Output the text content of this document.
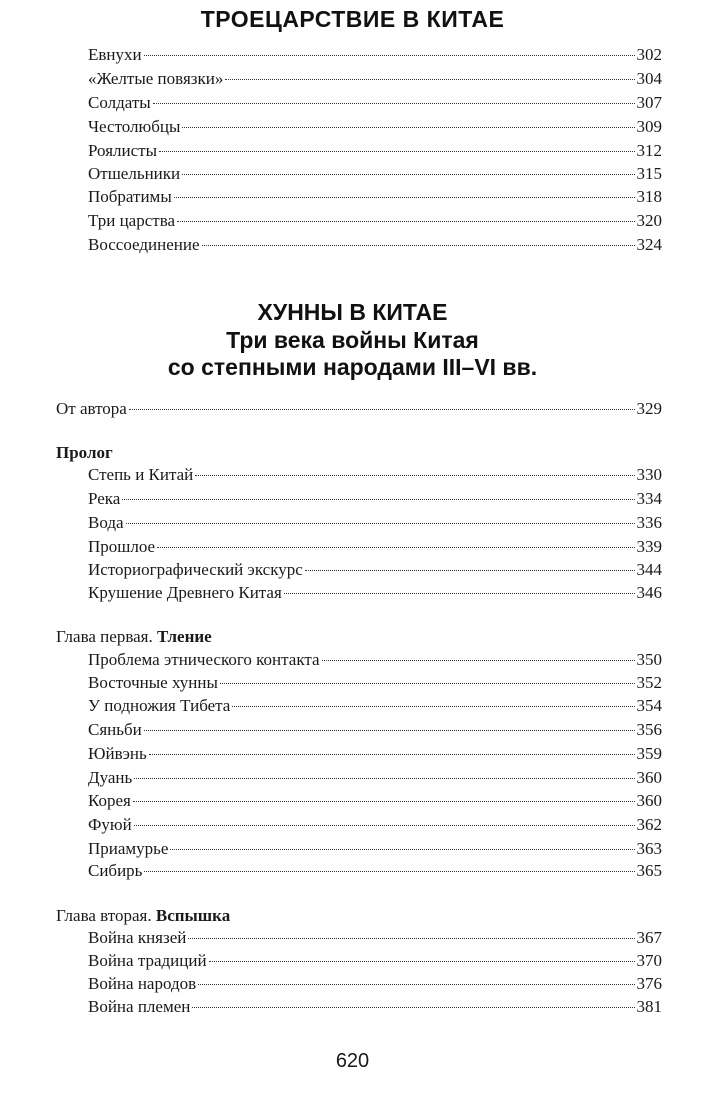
ТРОЕЦАРСТВИЕ В КИТАЕ
Евнухи	302
«Желтые повязки»	304
Солдаты	307
Честолюбцы	309
Роялисты	312
Отшельники	315
Побратимы	318
Три царства	320
Воссоединение	324
ХУННЫ В КИТАЕ
Три века войны Китая
со степными народами III–VI вв.
От автора	329
Пролог
Степь и Китай	330
Река	334
Вода	336
Прошлое	339
Историографический экскурс	344
Крушение Древнего Китая	346
Глава первая. Тление
Проблема этнического контакта	350
Восточные хунны	352
У подножия Тибета	354
Сяньби	356
Юйвэнь	359
Дуань	360
Корея	360
Фуюй	362
Приамурье	363
Сибирь	365
Глава вторая. Вспышка
Война князей	367
Война традиций	370
Война народов	376
Война племен	381
620
